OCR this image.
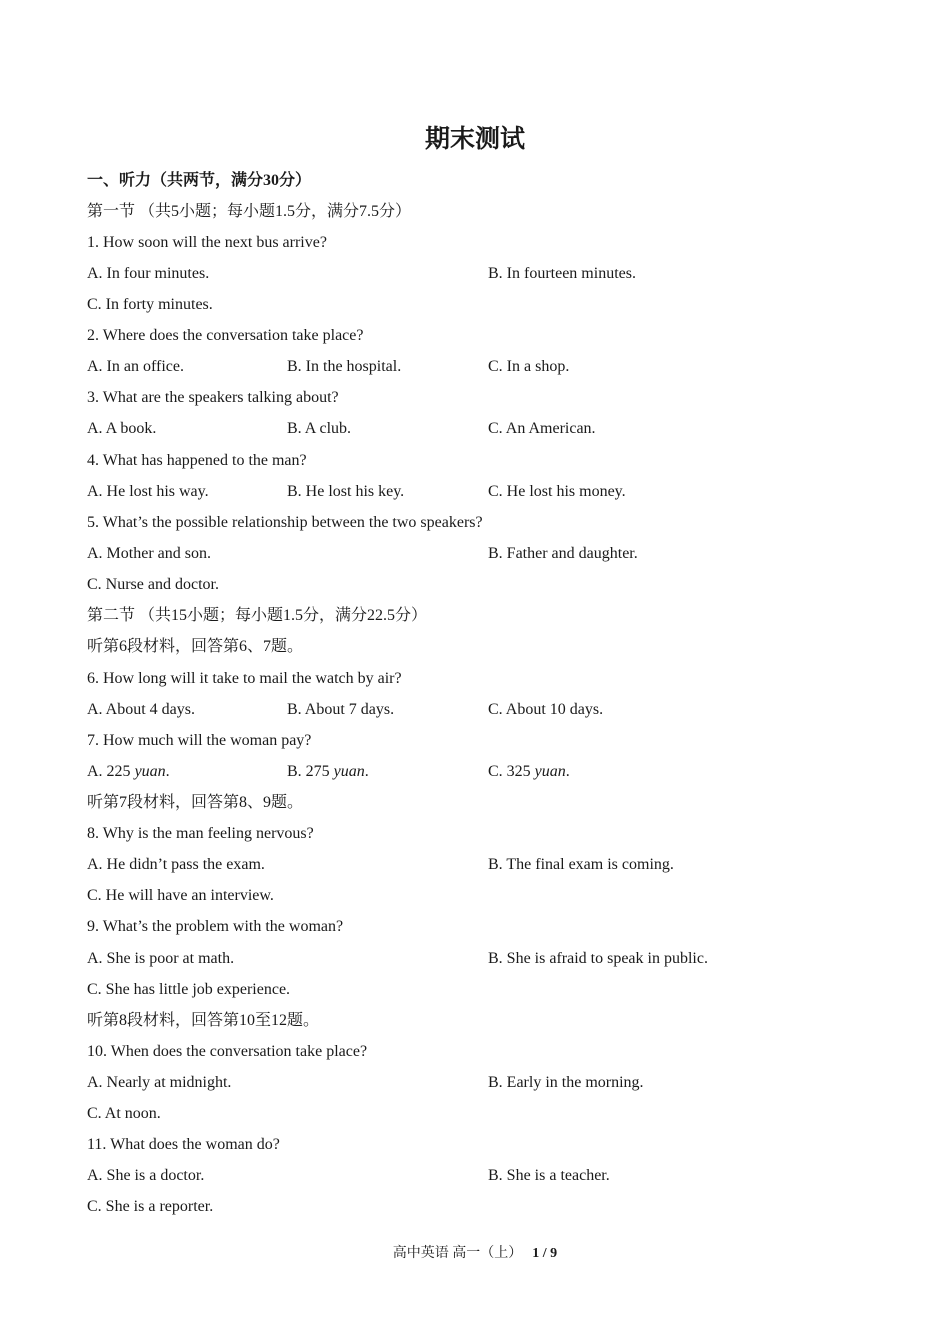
期末测试
一、听力（共两节，满分30分）
第一节 （共5小题；每小题1.5分，满分7.5分）
1. How soon will the next bus arrive?
A. In four minutes.	B. In fourteen minutes.
C. In forty minutes.
2. Where does the conversation take place?
A. In an office.	B. In the hospital.	C. In a shop.
3. What are the speakers talking about?
A. A book.	B. A club.	C. An American.
4. What has happened to the man?
A. He lost his way.	B. He lost his key.	C. He lost his money.
5. What’s the possible relationship between the two speakers?
A. Mother and son.	B. Father and daughter.
C. Nurse and doctor.
第二节 （共15小题；每小题1.5分，满分22.5分）
听第6段材料，回答第6、7题。
6. How long will it take to mail the watch by air?
A. About 4 days.	B. About 7 days.	C. About 10 days.
7. How much will the woman pay?
A. 225 yuan.	B. 275 yuan.	C. 325 yuan.
听第7段材料，回答第8、9题。
8. Why is the man feeling nervous?
A. He didn’t pass the exam.	B. The final exam is coming.
C. He will have an interview.
9. What’s the problem with the woman?
A. She is poor at math.	B. She is afraid to speak in public.
C. She has little job experience.
听第8段材料，回答第10至12题。
10. When does the conversation take place?
A. Nearly at midnight.	B. Early in the morning.
C. At noon.
11. What does the woman do?
A. She is a doctor.	B. She is a teacher.
C. She is a reporter.
高中英语 高一（上） 1 / 9
